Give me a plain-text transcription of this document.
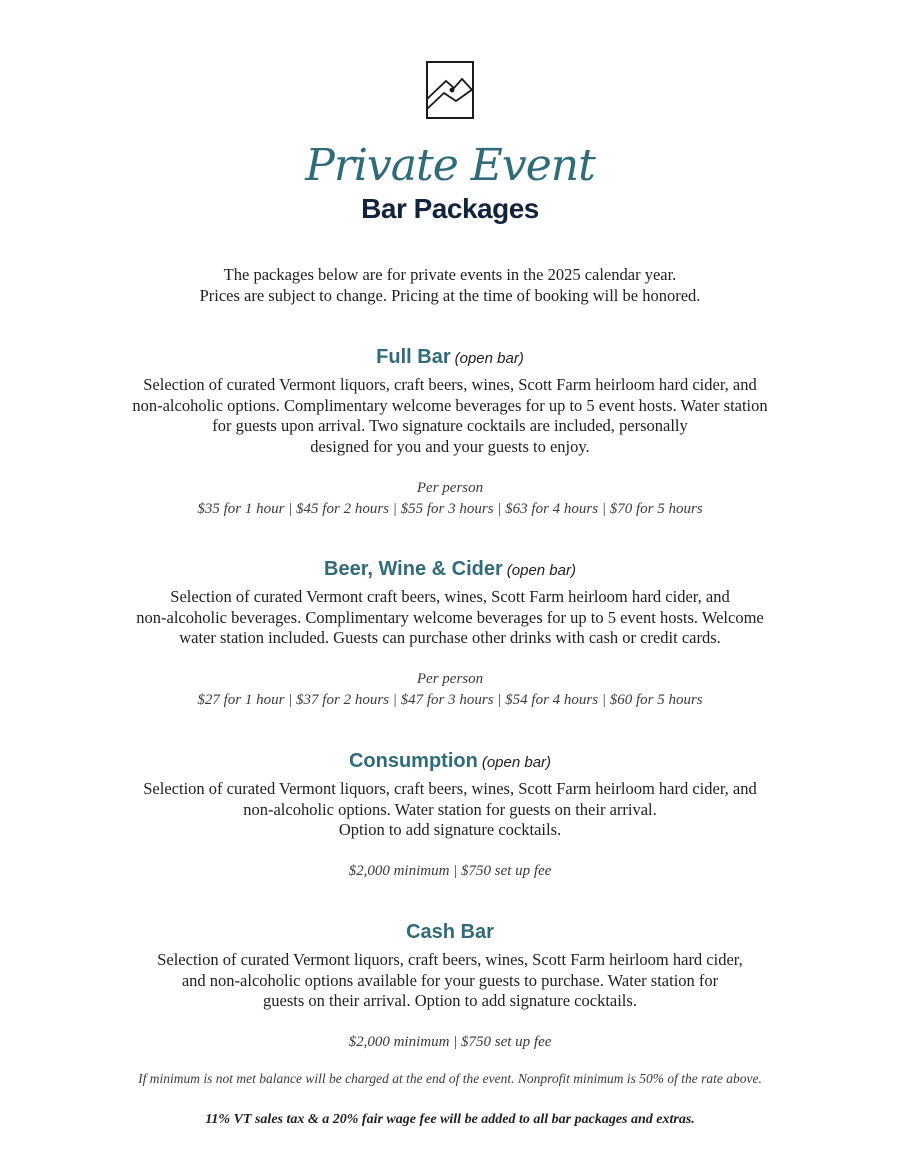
Private Event
Bar Packages
The packages below are for private events in the 2025 calendar year.
Prices are subject to change. Pricing at the time of booking will be honored.
Full Bar (open bar)
Selection of curated Vermont liquors, craft beers, wines, Scott Farm heirloom hard cider, and
non-alcoholic options. Complimentary welcome beverages for up to 5 event hosts. Water station
for guests upon arrival. Two signature cocktails are included, personally
designed for you and your guests to enjoy.
Per person
$35 for 1 hour | $45 for 2 hours | $55 for 3 hours | $63 for 4 hours | $70 for 5 hours
Beer, Wine & Cider (open bar)
Selection of curated Vermont craft beers, wines, Scott Farm heirloom hard cider, and
non-alcoholic beverages. Complimentary welcome beverages for up to 5 event hosts. Welcome
water station included. Guests can purchase other drinks with cash or credit cards.
Per person
$27 for 1 hour | $37 for 2 hours | $47 for 3 hours | $54 for 4 hours | $60 for 5 hours
Consumption (open bar)
Selection of curated Vermont liquors, craft beers, wines, Scott Farm heirloom hard cider, and
non-alcoholic options. Water station for guests on their arrival.
Option to add signature cocktails.
$2,000 minimum | $750 set up fee
Cash Bar
Selection of curated Vermont liquors, craft beers, wines, Scott Farm heirloom hard cider,
and non-alcoholic options available for your guests to purchase. Water station for
guests on their arrival. Option to add signature cocktails.
$2,000 minimum | $750 set up fee
If minimum is not met balance will be charged at the end of the event. Nonprofit minimum is 50% of the rate above.
11% VT sales tax & a 20% fair wage fee will be added to all bar packages and extras.
